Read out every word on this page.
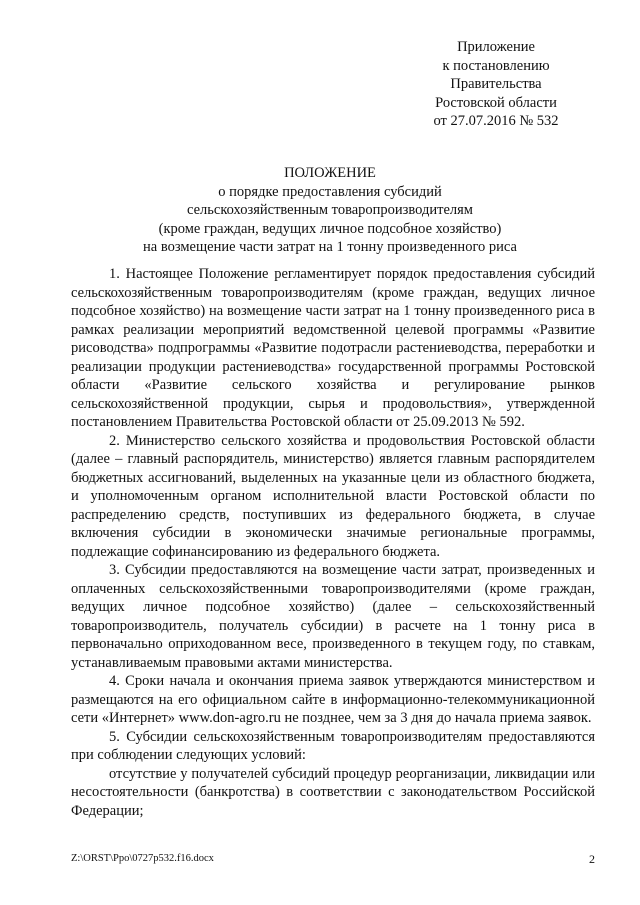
Приложение
к постановлению
Правительства
Ростовской области
от 27.07.2016 № 532
ПОЛОЖЕНИЕ
о порядке предоставления субсидий
сельскохозяйственным товаропроизводителям
(кроме граждан, ведущих личное подсобное хозяйство)
на возмещение части затрат на 1 тонну произведенного риса

1. Настоящее Положение регламентирует порядок предоставления субсидий сельскохозяйственным товаропроизводителям (кроме граждан, ведущих личное подсобное хозяйство) на возмещение части затрат на 1 тонну произведенного риса в рамках реализации мероприятий ведомственной целевой программы «Развитие рисоводства» подпрограммы «Развитие подотрасли растениеводства, переработки и реализации продукции растениеводства» государственной программы Ростовской области «Развитие сельского хозяйства и регулирование рынков сельскохозяйственной продукции, сырья и продовольствия», утвержденной постановлением Правительства Ростовской области от 25.09.2013 № 592.

2. Министерство сельского хозяйства и продовольствия Ростовской области (далее – главный распорядитель, министерство) является главным распорядителем бюджетных ассигнований, выделенных на указанные цели из областного бюджета, и уполномоченным органом исполнительной власти Ростовской области по распределению средств, поступивших из федерального бюджета, в случае включения субсидии в экономически значимые региональные программы, подлежащие софинансированию из федерального бюджета.

3. Субсидии предоставляются на возмещение части затрат, произведенных и оплаченных сельскохозяйственными товаропроизводителями (кроме граждан, ведущих личное подсобное хозяйство) (далее – сельскохозяйственный товаропроизводитель, получатель субсидии) в расчете на 1 тонну риса в первоначально оприходованном весе, произведенного в текущем году, по ставкам, устанавливаемым правовыми актами министерства.

4. Сроки начала и окончания приема заявок утверждаются министерством и размещаются на его официальном сайте в информационно-телекоммуникационной сети «Интернет» www.don-agro.ru не позднее, чем за 3 дня до начала приема заявок.

5. Субсидии сельскохозяйственным товаропроизводителям предоставляются при соблюдении следующих условий:

отсутствие у получателей субсидий процедур реорганизации, ликвидации или несостоятельности (банкротства) в соответствии с законодательством Российской Федерации;

Z:\ORST\Ppo\0727p532.f16.docx	2
